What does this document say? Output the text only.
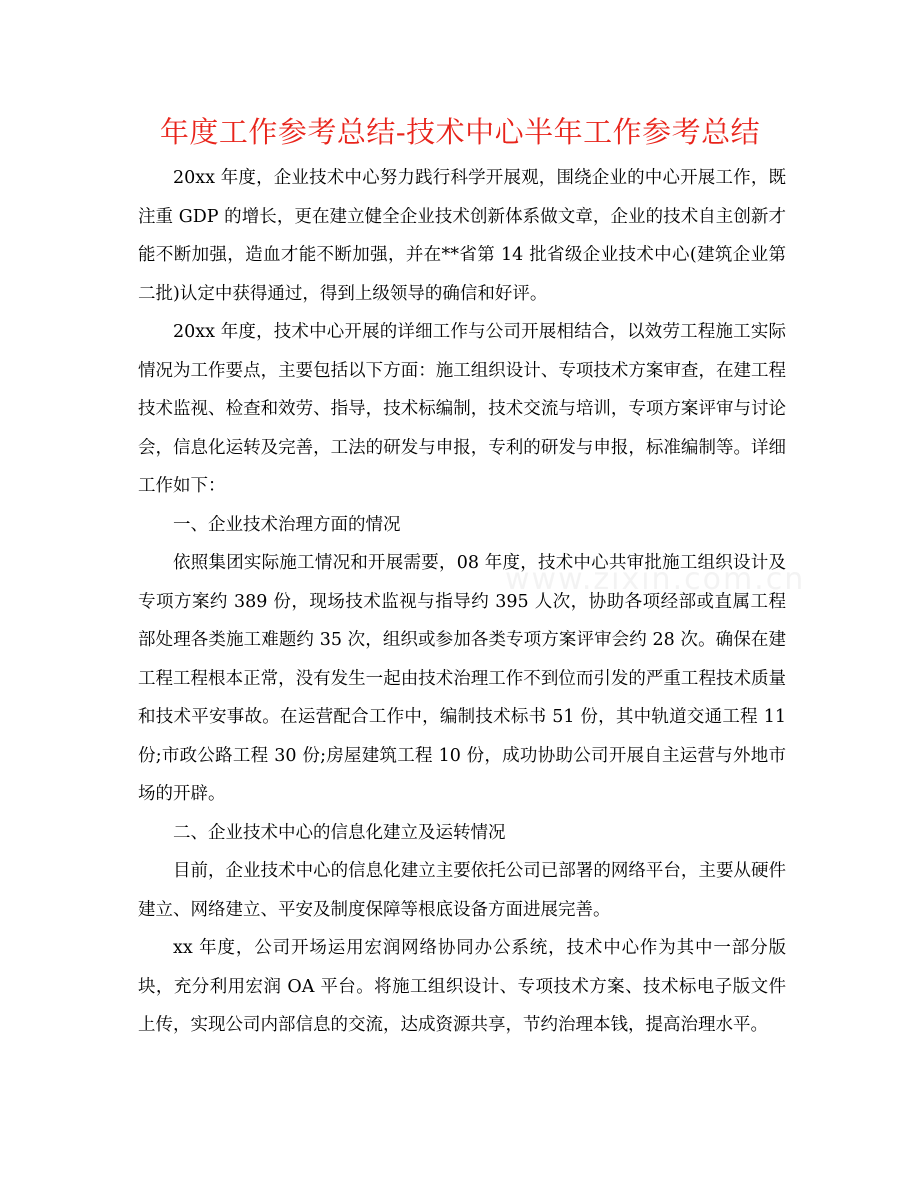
年度工作参考总结-技术中心半年工作参考总结

20xx 年度，企业技术中心努力践行科学开展观，围绕企业的中心开展工作，既注重 GDP 的增长，更在建立健全企业技术创新体系做文章，企业的技术自主创新才能不断加强，造血才能不断加强，并在**省第 14 批省级企业技术中心(建筑企业第二批)认定中获得通过，得到上级领导的确信和好评。

20xx 年度，技术中心开展的详细工作与公司开展相结合，以效劳工程施工实际情况为工作要点，主要包括以下方面：施工组织设计、专项技术方案审查，在建工程技术监视、检查和效劳、指导，技术标编制，技术交流与培训，专项方案评审与讨论会，信息化运转及完善，工法的研发与申报，专利的研发与申报，标准编制等。详细工作如下：

一、企业技术治理方面的情况

依照集团实际施工情况和开展需要，08 年度，技术中心共审批施工组织设计及专项方案约 389 份，现场技术监视与指导约 395 人次，协助各项经部或直属工程部处理各类施工难题约 35 次，组织或参加各类专项方案评审会约 28 次。确保在建工程工程根本正常，没有发生一起由技术治理工作不到位而引发的严重工程技术质量和技术平安事故。在运营配合工作中，编制技术标书 51 份，其中轨道交通工程 11 份;市政公路工程 30 份;房屋建筑工程 10 份，成功协助公司开展自主运营与外地市场的开辟。

二、企业技术中心的信息化建立及运转情况

目前，企业技术中心的信息化建立主要依托公司已部署的网络平台，主要从硬件建立、网络建立、平安及制度保障等根底设备方面进展完善。

xx 年度，公司开场运用宏润网络协同办公系统，技术中心作为其中一部分版块，充分利用宏润 OA 平台。将施工组织设计、专项技术方案、技术标电子版文件上传，实现公司内部信息的交流，达成资源共享，节约治理本钱，提高治理水平。

www.zixin.com.cn
